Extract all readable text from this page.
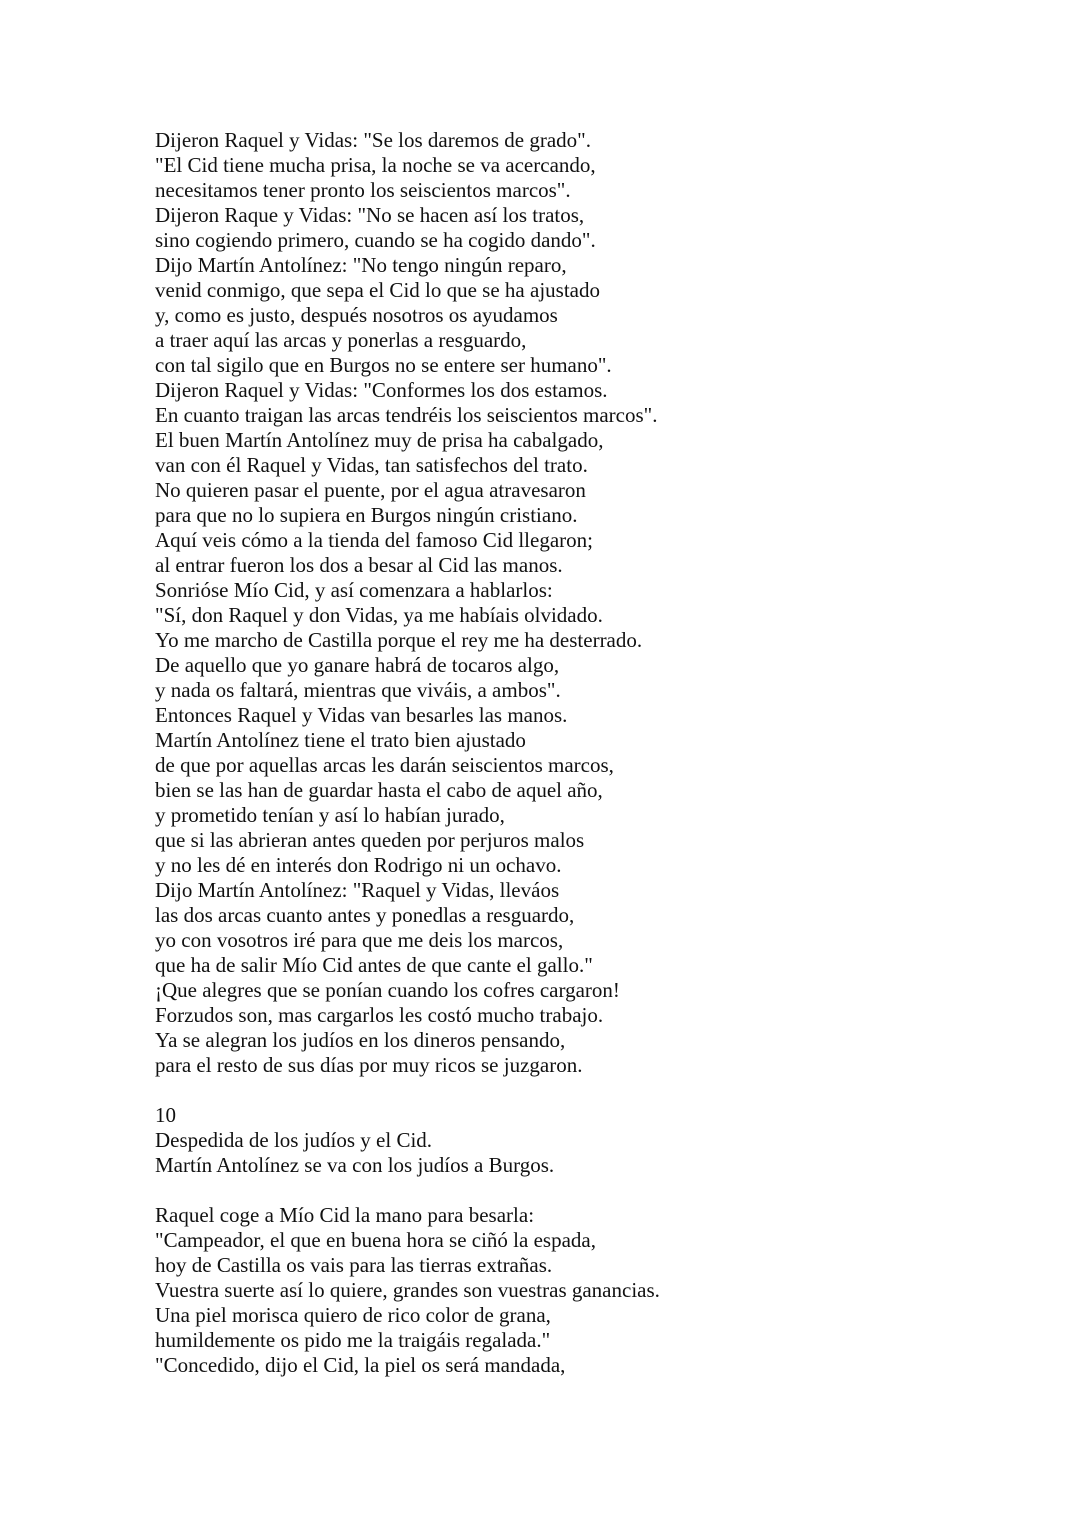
Dijeron Raquel y Vidas: "Se los daremos de grado".
"El Cid tiene mucha prisa, la noche se va acercando,
necesitamos tener pronto los seiscientos marcos".
Dijeron Raque y Vidas: "No se hacen así los tratos,
sino cogiendo primero, cuando se ha cogido dando".
Dijo Martín Antolínez: "No tengo ningún reparo,
venid conmigo, que sepa el Cid lo que se ha ajustado
y, como es justo, después nosotros os ayudamos
a traer aquí las arcas y ponerlas a resguardo,
con tal sigilo que en Burgos no se entere ser humano".
Dijeron Raquel y Vidas: "Conformes los dos estamos.
En cuanto traigan las arcas tendréis los seiscientos marcos".
El buen Martín Antolínez muy de prisa ha cabalgado,
van con él Raquel y Vidas, tan satisfechos del trato.
No quieren pasar el puente, por el agua atravesaron
para que no lo supiera en Burgos ningún cristiano.
Aquí veis cómo a la tienda del famoso Cid llegaron;
al entrar fueron los dos a besar al Cid las manos.
Sonrióse Mío Cid, y así comenzara a hablarlos:
"Sí, don Raquel y don Vidas, ya me habíais olvidado.
Yo me marcho de Castilla porque el rey me ha desterrado.
De aquello que yo ganare habrá de tocaros algo,
y nada os faltará, mientras que viváis, a ambos".
Entonces Raquel y Vidas van besarles las manos.
Martín Antolínez tiene el trato bien ajustado
de que por aquellas arcas les darán seiscientos marcos,
bien se las han de guardar hasta el cabo de aquel año,
y prometido tenían y así lo habían jurado,
que si las abrieran antes queden por perjuros malos
y no les dé en interés don Rodrigo ni un ochavo.
Dijo Martín Antolínez: "Raquel y Vidas, lleváos
las dos arcas cuanto antes y ponedlas a resguardo,
yo con vosotros iré para que me deis los marcos,
que ha de salir Mío Cid antes de que cante el gallo."
¡Que alegres que se ponían cuando los cofres cargaron!
Forzudos son, mas cargarlos les costó mucho trabajo.
Ya se alegran los judíos en los dineros pensando,
para el resto de sus días por muy ricos se juzgaron.
10
Despedida de los judíos y el Cid.
Martín Antolínez se va con los judíos a Burgos.
Raquel coge a Mío Cid la mano para besarla:
"Campeador, el que en buena hora se ciñó la espada,
hoy de Castilla os vais para las tierras extrañas.
Vuestra suerte así lo quiere, grandes son vuestras ganancias.
Una piel morisca quiero de rico color de grana,
humildemente os pido me la traigáis regalada."
"Concedido, dijo el Cid, la piel os será mandada,
